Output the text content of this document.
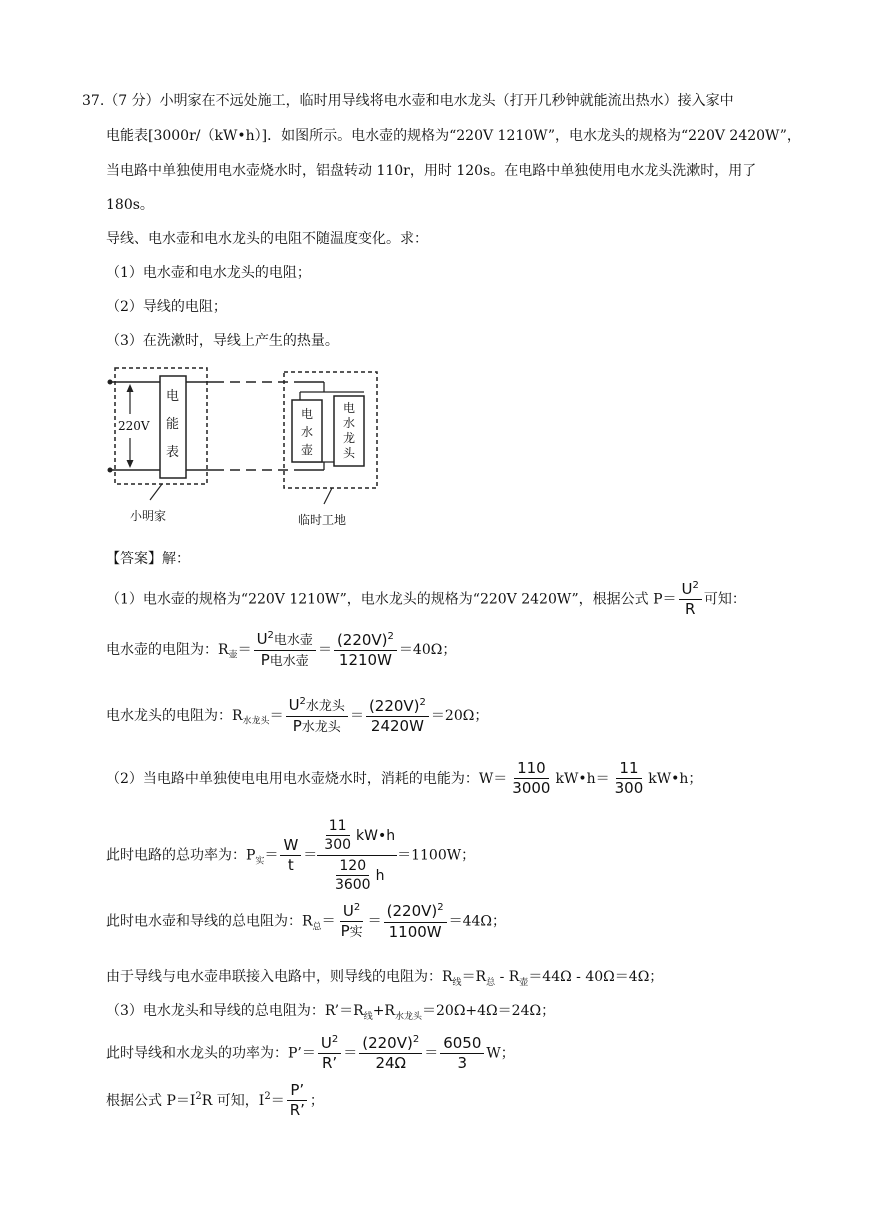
37.（7 分）小明家在不远处施工，临时用导线将电水壶和电水龙头（打开几秒钟就能流出热水）接入家中
电能表[3000r/（kW•h）]．如图所示。电水壶的规格为“220V 1210W”，电水龙头的规格为“220V 2420W”，
当电路中单独使用电水壶烧水时，铝盘转动 110r，用时 120s。在电路中单独使用电水龙头洗漱时，用了
180s。
导线、电水壶和电水龙头的电阻不随温度变化。求：
（1）电水壶和电水龙头的电阻；
（2）导线的电阻；
（3）在洗漱时，导线上产生的热量。
220V
电
能
表
电
水
壶
电
水
龙
头
小明家	临时工地
【答案】解：
（1）电水壶的规格为“220V 1210W”，电水龙头的规格为“220V 2420W”，根据公式 $P= \frac{U^2}{R}$ 可知：
电水壶的电阻为：$R_壶= \frac{U^2电水壶}{\text{P电水壶}} = \frac{(220V)^2}{1210W} =40\Omega$；
电水龙头的电阻为：$R_{水龙头}= \frac{U^2水龙头}{\text{P水龙头}} = \frac{(220V)^2}{2420W} =20\Omega$；
（2）当电路中单独使电电用电水壶烧水时，消耗的电能为：$W= \frac{110}{3000}$ kW•h＝ $\frac{11}{300}$ kW•h；
此时电路的总功率为：$P_实= \frac{W}{t} = \frac{\frac{11}{300} kW•h}{\frac{120}{3600} h} =1100W$；
此时电水壶和导线的总电阻为：$R_总= \frac{U^2}{\text{P实}} = \frac{(220V)^2}{1100W} =44\Omega$；
由于导线与电水壶串联接入电路中，则导线的电阻为：$R_线=R_总 - R_壶=44\Omega - 40\Omega=4\Omega$；
（3）电水龙头和导线的总电阻为：$R’=R_线+R_{水龙头}=20\Omega+4\Omega=24\Omega$；
此时导线和水龙头的功率为：P’＝ $\frac{U^2}{R’} = \frac{(220V)^2}{24\Omega} = \frac{6050}{3}$ W；
根据公式 $P=I^2R$ 可知，$I^2= \frac{P’}{R’}$ ；
